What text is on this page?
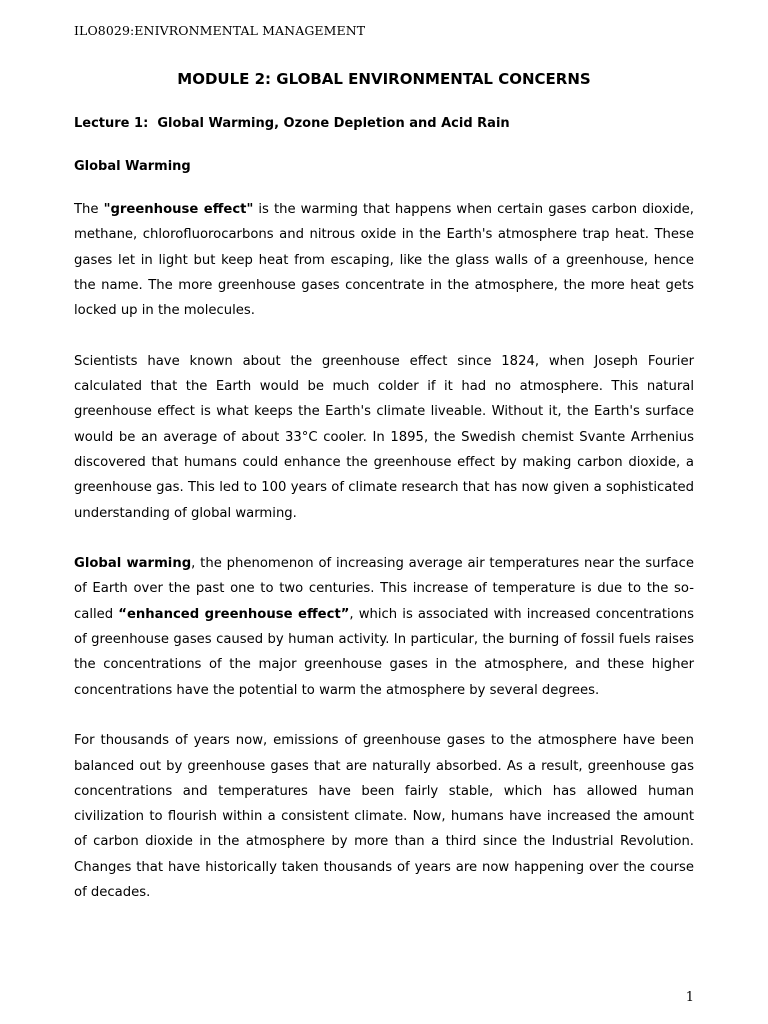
ILO8029:ENIVRONMENTAL MANAGEMENT
MODULE 2: GLOBAL ENVIRONMENTAL CONCERNS
Lecture 1:  Global Warming, Ozone Depletion and Acid Rain
Global Warming

The "greenhouse effect" is the warming that happens when certain gases carbon dioxide, methane, chlorofluorocarbons and nitrous oxide in the Earth's atmosphere trap heat. These gases let in light but keep heat from escaping, like the glass walls of a greenhouse, hence the name. The more greenhouse gases concentrate in the atmosphere, the more heat gets locked up in the molecules.

Scientists have known about the greenhouse effect since 1824, when Joseph Fourier calculated that the Earth would be much colder if it had no atmosphere. This natural greenhouse effect is what keeps the Earth's climate liveable. Without it, the Earth's surface would be an average of about 33°C cooler. In 1895, the Swedish chemist Svante Arrhenius discovered that humans could enhance the greenhouse effect by making carbon dioxide, a greenhouse gas. This led to 100 years of climate research that has now given a sophisticated understanding of global warming.

Global warming, the phenomenon of increasing average air temperatures near the surface of Earth over the past one to two centuries. This increase of temperature is due to the so-called “enhanced greenhouse effect”, which is associated with increased concentrations of greenhouse gases caused by human activity. In particular, the burning of fossil fuels raises the concentrations of the major greenhouse gases in the atmosphere, and these higher concentrations have the potential to warm the atmosphere by several degrees.

For thousands of years now, emissions of greenhouse gases to the atmosphere have been balanced out by greenhouse gases that are naturally absorbed. As a result, greenhouse gas concentrations and temperatures have been fairly stable, which has allowed human civilization to flourish within a consistent climate. Now, humans have increased the amount of carbon dioxide in the atmosphere by more than a third since the Industrial Revolution. Changes that have historically taken thousands of years are now happening over the course of decades.

1
